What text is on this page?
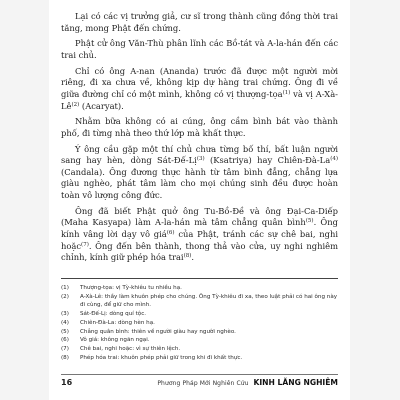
Lại có các vị trưởng giả, cư sĩ trong thành cũng đồng thời trai tăng, mong Phật đến chứng.

Phật cử ông Văn-Thù phân lĩnh các Bồ-tát và A-la-hán đến các trai chủ.

Chỉ có ông A-nan (Ananda) trước đã được một người mời riêng, đi xa chưa về, không kịp dự hàng trai chứng. Ông đi về giữa đường chỉ có một mình, không có vị thượng-tọa$^{(1)}$ và vị $A-Xà-Lê^{(2)}$ (Acaryat).

Nhằm bữa không có ai cúng, ông cầm bình bát vào thành phố, đi từng nhà theo thứ lớp mà khất thực.

Ý ông cầu gặp một thí chủ chưa từng bố thí, bất luận người sang hay hèn, dòng Sát-Đế-Lị$^{(3)}$ (Ksatriya) hay Chiên-Đà-La$^{(4)}$ (Candala). Ông đương thực hành từ tâm bình đẳng, chẳng lựa giàu nghèo, phát tâm làm cho mọi chúng sinh đều được hoàn toàn vô lượng công đức.

Ông đã biết Phật quở ông Tu-Bồ-Đề và ông Đại-Ca-Diếp (Maha Kasyapa) làm A-la-hán mà tâm chẳng quân bình$^{(5)}$. Ông kính vâng lời dạy vô giá$^{(6)}$ của Phật, tránh các sự chê bai, nghi hoặc$^{(7)}$. Ông đến bên thành, thong thả vào cửa, uy nghi nghiêm chỉnh, kính giữ phép hóa trai$^{(8)}$.

(1)	Thượng-tọa: vị Tỳ-khiêu tu nhiều hạ.
(2)	A-Xà-Lê: thầy làm khuôn phép cho chúng. Ông Tỳ-khiêu đi xa, theo luật phải có hai ông này đi cùng, để giữ cho mình.
(3)	Sát-Đế-Lị: dòng quí tộc.
(4)	Chiên-Đà-La: dòng hèn hạ.
(5)	Chẳng quân bình: thiên về người giàu hay người nghèo.
(6)	Vô giá: không ngăn ngại.
(7)	Chê bai, nghi hoặc: vì sự thiên lệch.
(8)	Phép hóa trai: khuôn phép phải giữ trong khi đi khất thực.
16	Phương Pháp Mới Nghiên Cứu KINH LĂNG NGHIÊM
